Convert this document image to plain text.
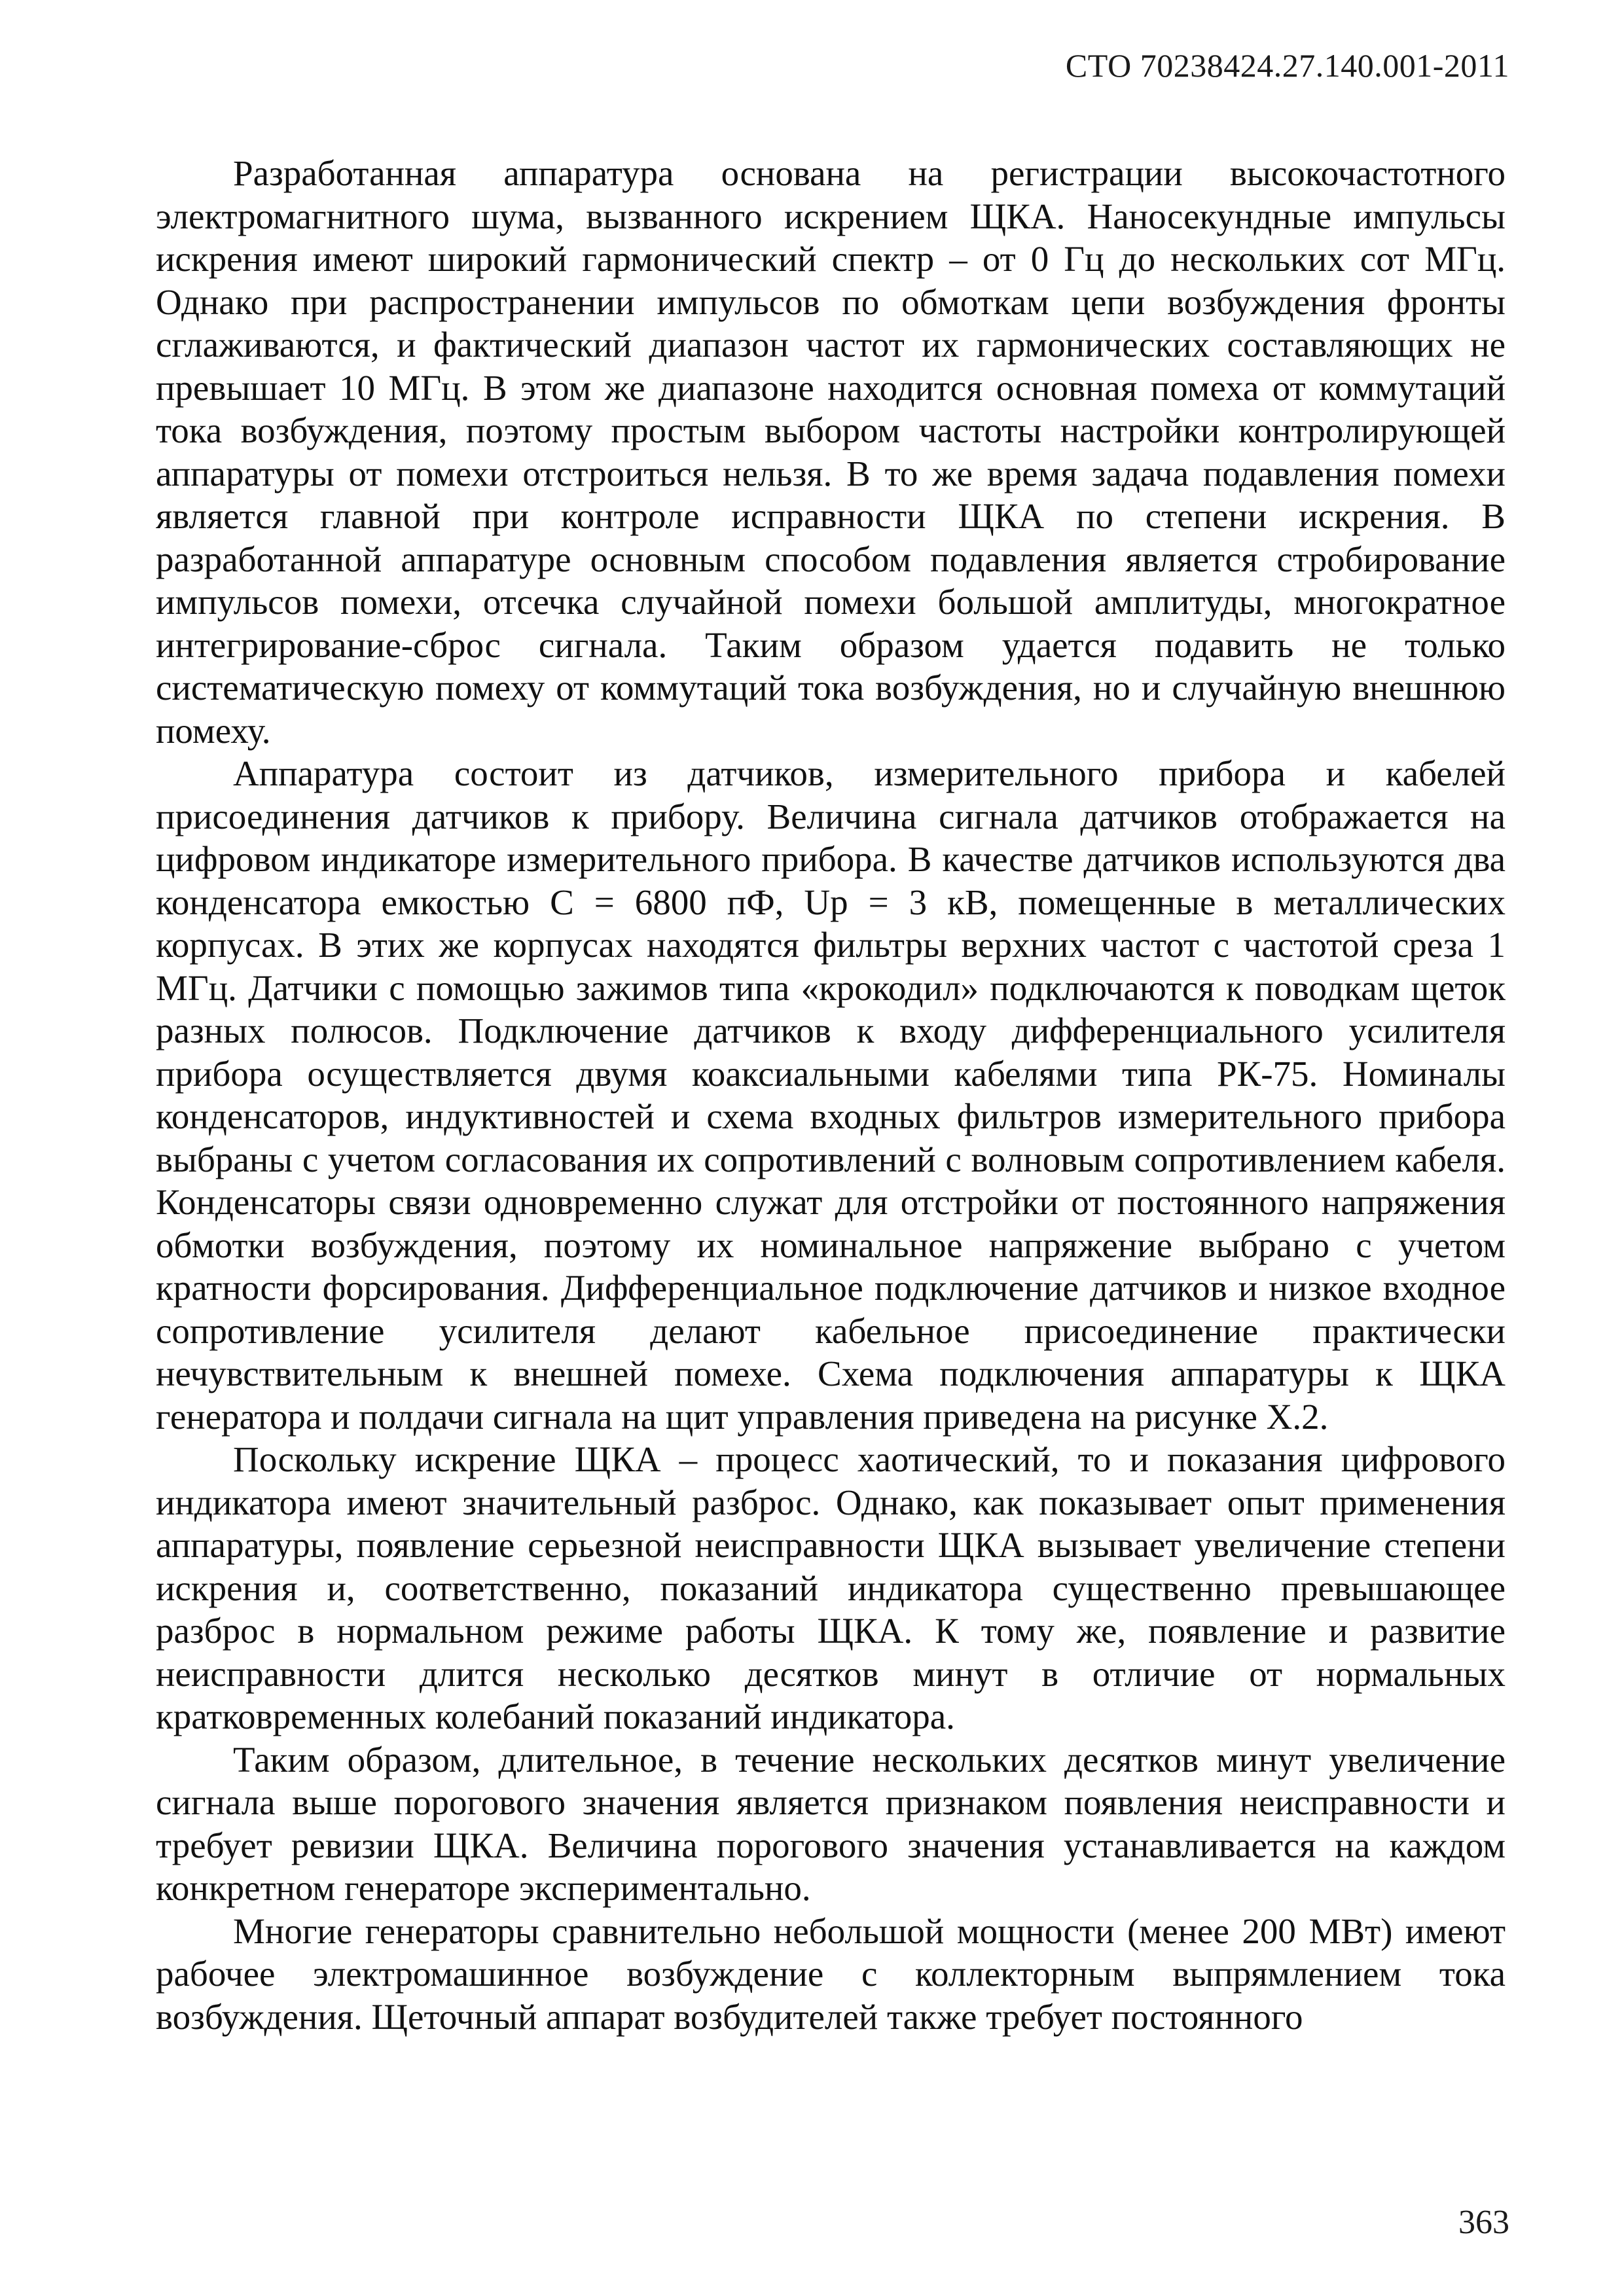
СТО 70238424.27.140.001-2011

Разработанная аппаратура основана на регистрации высокочастотного электромагнитного шума, вызванного искрением ЩКА. Наносекундные импульсы искрения имеют широкий гармонический спектр – от 0 Гц до нескольких сот МГц. Однако при распространении импульсов по обмоткам цепи возбуждения фронты сглаживаются, и фактический диапазон частот их гармонических составляющих не превышает 10 МГц. В этом же диапазоне находится основная помеха от коммутаций тока возбуждения, поэтому простым выбором частоты настройки контролирующей аппаратуры от помехи отстроиться нельзя. В то же время задача подавления помехи является главной при контроле исправности ЩКА по степени искрения. В разработанной аппаратуре основным способом подавления является стробирование импульсов помехи, отсечка случайной помехи большой амплитуды, многократное интегрирование-сброс сигнала. Таким образом удается подавить не только систематическую помеху от коммутаций тока возбуждения, но и случайную внешнюю помеху.

Аппаратура состоит из датчиков, измерительного прибора и кабелей присоединения датчиков к прибору. Величина сигнала датчиков отображается на цифровом индикаторе измерительного прибора. В качестве датчиков используются два конденсатора емкостью C = 6800 пФ, Uр = 3 кВ, помещенные в металлических корпусах. В этих же корпусах находятся фильтры верхних частот с частотой среза 1 МГц. Датчики с помощью зажимов типа «крокодил» подключаются к поводкам щеток разных полюсов. Подключение датчиков к входу дифференциального усилителя прибора осуществляется двумя коаксиальными кабелями типа РК-75. Номиналы конденсаторов, индуктивностей и схема входных фильтров измерительного прибора выбраны с учетом согласования их сопротивлений с волновым сопротивлением кабеля. Конденсаторы связи одновременно служат для отстройки от постоянного напряжения обмотки возбуждения, поэтому их номинальное напряжение выбрано с учетом кратности форсирования. Дифференциальное подключение датчиков и низкое входное сопротивление усилителя делают кабельное присоединение практически нечувствительным к внешней помехе. Схема подключения аппаратуры к ЩКА генератора и полдачи сигнала на щит управления приведена на рисунке Х.2.

Поскольку искрение ЩКА – процесс хаотический, то и показания цифрового индикатора имеют значительный разброс. Однако, как показывает опыт применения аппаратуры, появление серьезной неисправности ЩКА вызывает увеличение степени искрения и, соответственно, показаний индикатора существенно превышающее разброс в нормальном режиме работы ЩКА. К тому же, появление и развитие неисправности длится несколько десятков минут в отличие от нормальных кратковременных колебаний показаний индикатора.

Таким образом, длительное, в течение нескольких десятков минут увеличение сигнала выше порогового значения является признаком появления неисправности и требует ревизии ЩКА. Величина порогового значения устанавливается на каждом конкретном генераторе экспериментально.

Многие генераторы сравнительно небольшой мощности (менее 200 МВт) имеют рабочее электромашинное возбуждение с коллекторным выпрямлением тока возбуждения. Щеточный аппарат возбудителей также требует постоянного

363
